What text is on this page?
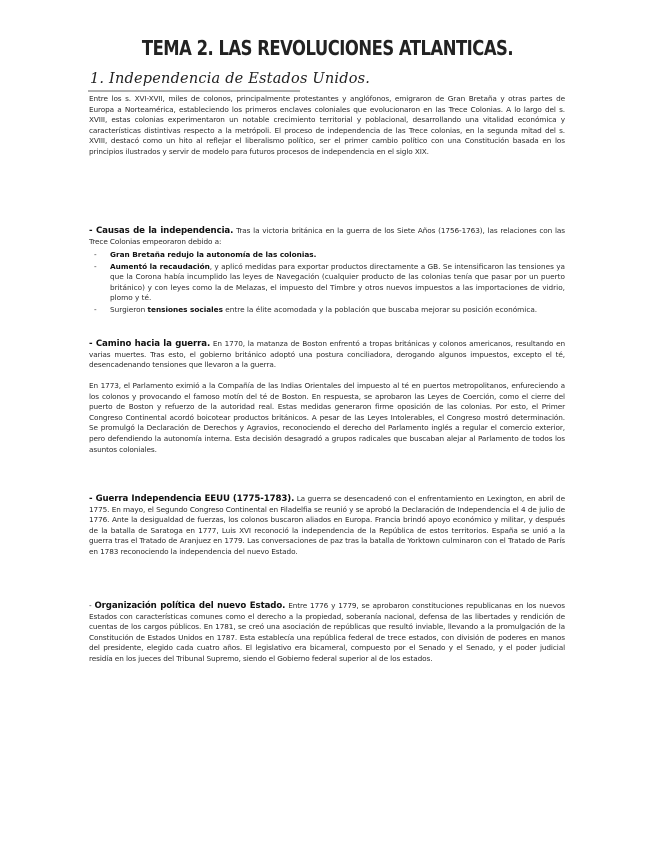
TEMA 2. LAS REVOLUCIONES ATLANTICAS.
1. Independencia de Estados Unidos.
Entre los s. XVI-XVII, miles de colonos, principalmente protestantes y anglófonos, emigraron de Gran Bretaña y otras partes de Europa a Norteamérica, estableciendo los primeros enclaves coloniales que evolucionaron en las Trece Colonias. A lo largo del s. XVIII, estas colonias experimentaron un notable crecimiento territorial y poblacional, desarrollando una vitalidad económica y características distintivas respecto a la metrópoli. El proceso de independencia de las Trece colonias, en la segunda mitad del s. XVIII, destacó como un hito al reflejar el liberalismo político, ser el primer cambio político con una Constitución basada en los principios ilustrados y servir de modelo para futuros procesos de independencia en el siglo XIX.
- Causas de la independencia. Tras la victoria británica en la guerra de los Siete Años (1756-1763), las relaciones con las Trece Colonias empeoraron debido a:
- Gran Bretaña redujo la autonomía de las colonias.
- Aumentó la recaudación, y aplicó medidas para exportar productos directamente a GB. Se intensificaron las tensiones ya que la Corona había incumplido las leyes de Navegación (cualquier producto de las colonias tenía que pasar por un puerto británico) y con leyes como la de Melazas, el impuesto del Timbre y otros nuevos impuestos a las importaciones de vidrio, plomo y té.
- Surgieron tensiones sociales entre la élite acomodada y la población que buscaba mejorar su posición económica.
- Camino hacia la guerra. En 1770, la matanza de Boston enfrentó a tropas británicas y colonos americanos, resultando en varias muertes. Tras esto, el gobierno británico adoptó una postura conciliadora, derogando algunos impuestos, excepto el té, desencadenando tensiones que llevaron a la guerra.
En 1773, el Parlamento eximió a la Compañía de las Indias Orientales del impuesto al té en puertos metropolitanos, enfureciendo a los colonos y provocando el famoso motín del té de Boston. En respuesta, se aprobaron las Leyes de Coerción, como el cierre del puerto de Boston y refuerzo de la autoridad real. Estas medidas generaron firme oposición de las colonias. Por esto, el Primer Congreso Continental acordó boicotear productos británicos. A pesar de las Leyes Intolerables, el Congreso mostró determinación. Se promulgó la Declaración de Derechos y Agravios, reconociendo el derecho del Parlamento inglés a regular el comercio exterior, pero defendiendo la autonomía interna. Esta decisión desagradó a grupos radicales que buscaban alejar al Parlamento de todos los asuntos coloniales.
- Guerra Independencia EEUU (1775-1783). La guerra se desencadenó con el enfrentamiento en Lexington, en abril de 1775. En mayo, el Segundo Congreso Continental en Filadelfia se reunió y se aprobó la Declaración de Independencia el 4 de julio de 1776. Ante la desigualdad de fuerzas, los colonos buscaron aliados en Europa. Francia brindó apoyo económico y militar, y después de la batalla de Saratoga en 1777, Luis XVI reconoció la independencia de la República de estos territorios. España se unió a la guerra tras el Tratado de Aranjuez en 1779. Las conversaciones de paz tras la batalla de Yorktown culminaron con el Tratado de París en 1783 reconociendo la independencia del nuevo Estado.
- Organización política del nuevo Estado. Entre 1776 y 1779, se aprobaron constituciones republicanas en los nuevos Estados con características comunes como el derecho a la propiedad, soberanía nacional, defensa de las libertades y rendición de cuentas de los cargos públicos. En 1781, se creó una asociación de repúblicas que resultó inviable, llevando a la promulgación de la Constitución de Estados Unidos en 1787. Esta establecía una república federal de trece estados, con división de poderes en manos del presidente, elegido cada cuatro años. El legislativo era bicameral, compuesto por el Senado y el Senado, y el poder judicial residía en los jueces del Tribunal Supremo, siendo el Gobierno federal superior al de los estados.
